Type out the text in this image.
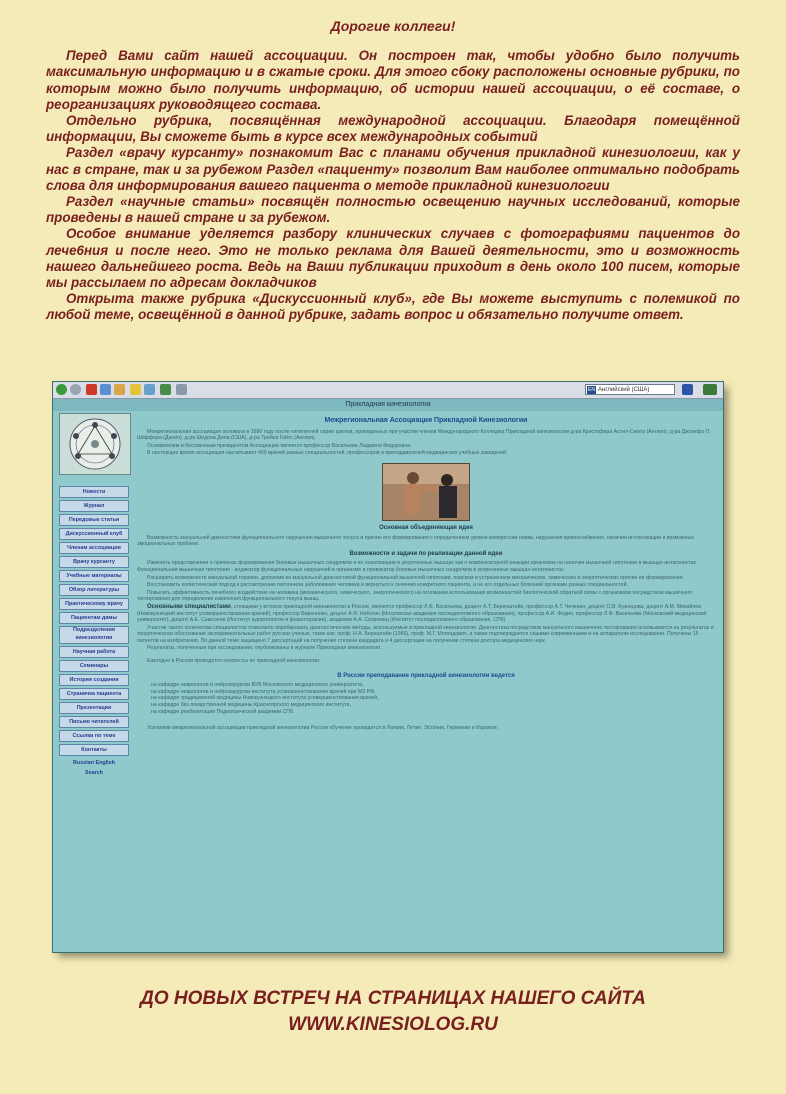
Дорогие коллеги!

Перед Вами сайт нашей ассоциации. Он построен так, чтобы удобно было получить максимальную информацию и в сжатые сроки. Для этого сбоку расположены основные рубрики, по которым можно было получить информацию, об истории нашей ассоциации, о её составе, о реорганизациях руководящего состава.

Отдельно рубрика, посвящённая международной ассоциации. Благодаря помещённой информации, Вы сможете быть в курсе всех международных событий

Раздел «врачу курсанту» познакомит Вас с планами обучения прикладной кинезиологии, как у нас в стране, так и за рубежом Раздел «пациенту» позволит Вам наиболее оптимально подобрать слова для информирования вашего пациента о методе прикладной кинезиологии

Раздел «научные статьи» посвящён полностью освещению научных исследований, которые проведены в нашей стране и за рубежом.

Особое внимание уделяется разбору клинических случаев с фотографиями пациентов до лече6ния и после него. Это не только реклама для Вашей деятельности, это и возможность нашего дальнейшего роста. Ведь на Ваши публикации приходит в день около 100 писем, которые мы рассылаем по адресам докладчиков

Открыта также рубрика «Дискуссионный клуб», где Вы можете выступить с полемикой по любой теме, освещённой в данной рубрике, задать вопрос и обязательно получите ответ.

EN Английский (США)
Прикладная кинезиология
Новости
Журнал
Передовые статьи
Дискуссионный клуб
Членам ассоциации
Врачу курсанту
Учебные материалы
Обзор литературы
Практическому врачу
Пациентам дамы
Подразделения кинезиологии
Научная работа
Семинары
История создания
Страничка пациента
Презентации
Письмо читателей
Ссылки по теме
Контакты
Russian English
Search
Межрегиональная Ассоциация Прикладной Кинезиологии

Межрегиональная ассоциация основана в 1990 году после пятилетней серии циклов, проведенных при участии членов Международного Колледжа Прикладной кинезиологии д-ра Кристофера Астил-Смита (Англия), д-ра Джозефа П. Шиффера (Дания), д-ра Шедона Дила (США), д-ра Трейси Гейтс (Англия).

Основателем и бессменным президентом Ассоциации является профессор Васильева Людмила Федоровна.

В настоящее время ассоциация насчитывает 400 врачей разных специальностей, профессоров и преподавателей медицинских учебных заведений.

Основная объединяющая идея

Возможность мануальной диагностики функционального нарушения мышечного тонуса и причин его формирования с определением уровня компрессии нерва, нарушения кровоснабжения, наличия интоксикации и возможных эмоциональных проблем.

Возможности и задачи по реализации данной идеи

Изменить представления о причинах формирования болевых мышечных синдромов и их локализации в укороченных мышцах как о компенсаторной реакции организма на наличие мышечной гипотонии в мышцах-антагонистах. Функциональная мышечная гипотония - индикатор функциональных нарушений в организме и провокатор болевых мышечных синдромов в укороченных мышцах-антагонистах.

Расширить возможности мануальной терапии, дополнив ее мануальной диагностикой функциональной мышечной гипотонии, поиском и устранением механических, химических и энергетических причин ее формирования.

Восстановить холистический подход к рассмотрению патогенеза заболевания человека и вернуться к лечению конкретного пациента, а не его отдельных болезней органами разных специальностей.

Повысить эффективность лечебного воздействия на человека (механического, химического, энергетического) на основании использования возможностей биологической обратной связи с организмом посредством мышечного тестирования для определения изменения функционального тонуса мышц.

Основными специалистами, стоящими у истоков прикладной кинезиологии в России, являются профессор Л.Ф. Васильева, доцент А.Т. Беренштейн, профессор А.Т. Чеченин, доцент О.В. Кузнецова, доцент А.М. Михайлов (Новокузнецкий институт усовершенствования врачей), профессор Бареннико, доцент А.И. Небогин (Московская академия последипломного образования), профессор А.И. Федин, профессор Л.Ф. Васильева (Московский медицинский университет), доцент А.Е. Самсонов (Институт курортологии и физиотерапии), академик А.А. Скоромец (Институт последипломного образования, СПб).

Участие такого количества специалистов позволило апробировать диагностические методы, используемые в прикладной кинезиологии. Диагностика посредством мануального мышечного тестирования основывается на результатах и теоретическом обосновании экспериментальных работ русских ученых, таких как: проф. Н.А. Бернштейн (1966), проф. М.Г. Могендович, а также подтверждается нашими современными и на аппаратном исследовании. Получены 15 патентов на изобретения. По данной теме защищено 7 диссертаций на получение степени кандидата и 4 диссертации на получение степени доктора медицинских наук.

Результаты, полученные при исследовании, опубликованы в журнале Прикладная кинезиология.

Ежегодно в России проводятся конгрессы по прикладной кинезиологии.

В России преподавание прикладной кинезиологии ведется

на кафедре неврологии и нейрохирургии ВУВ Московского медицинского университета,

на кафедре неврологии и нейрохирургии института усовершенствования врачей при МЗ РФ,

на кафедре традиционной медицины Новокузнецкого института усовершенствования врачей,

на кафедре без лекарственной медицины Красноярского медицинского института,

на кафедре реабилитации Педиатрической академии СПб.

Усилиями межрегиональной ассоциации прикладной кинезиологии России обучение проводится в Латвии, Литве, Эстонии, Германии и Израиле.

ДО НОВЫХ ВСТРЕЧ НА СТРАНИЦАХ НАШЕГО САЙТА
WWW.KINESIOLOG.RU
